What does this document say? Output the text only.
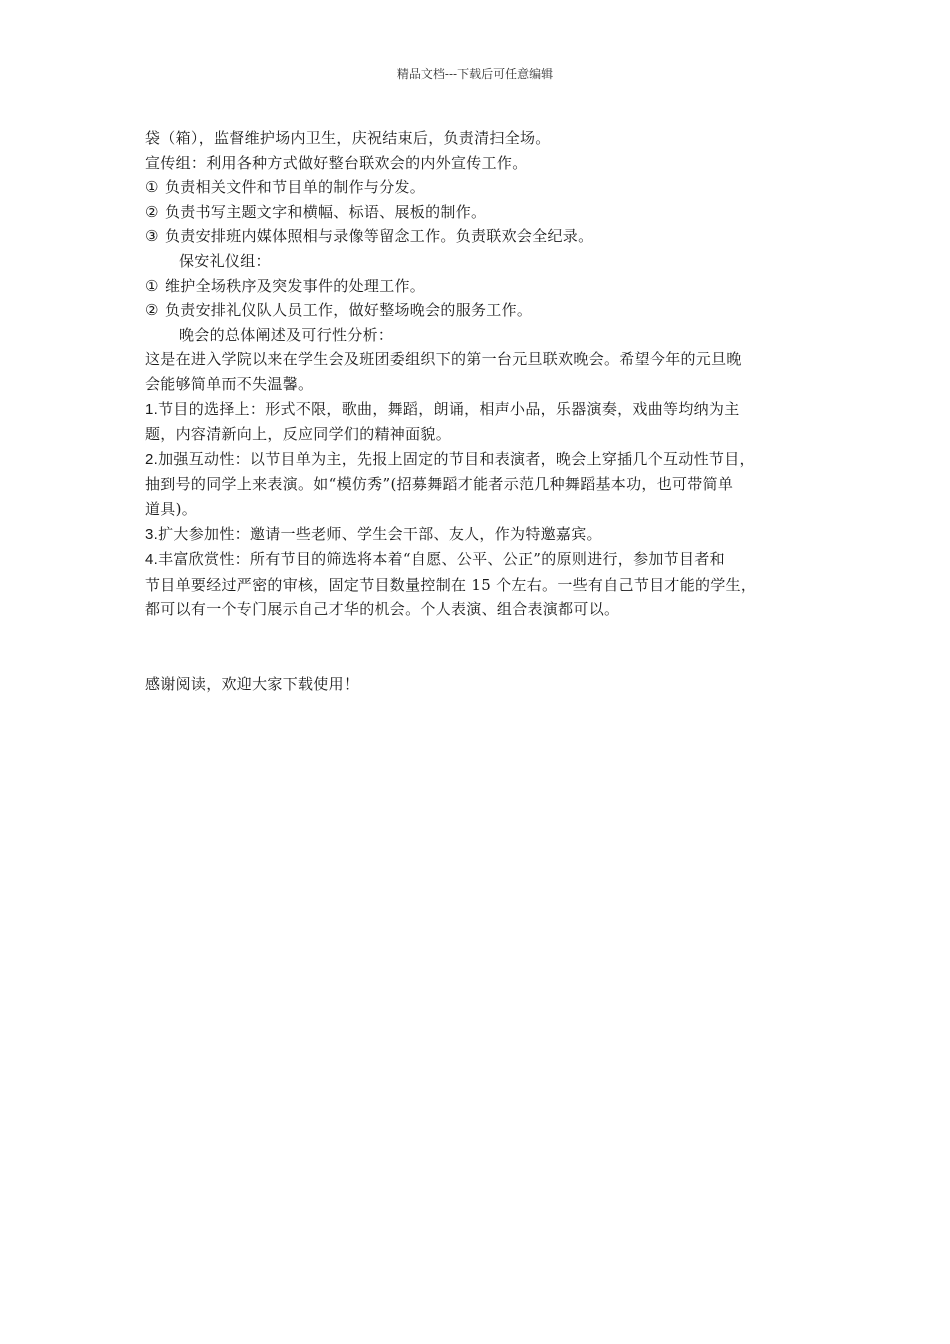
精品文档---下载后可任意编辑
袋（箱），监督维护场内卫生，庆祝结束后，负责清扫全场。
宣传组：利用各种方式做好整台联欢会的内外宣传工作。
① 负责相关文件和节目单的制作与分发。
② 负责书写主题文字和横幅、标语、展板的制作。
③ 负责安排班内媒体照相与录像等留念工作。负责联欢会全纪录。
保安礼仪组：
① 维护全场秩序及突发事件的处理工作。
② 负责安排礼仪队人员工作，做好整场晚会的服务工作。
晚会的总体阐述及可行性分析：
这是在进入学院以来在学生会及班团委组织下的第一台元旦联欢晚会。希望今年的元旦晚
会能够简单而不失温馨。
1.节目的选择上：形式不限，歌曲，舞蹈，朗诵，相声小品，乐器演奏，戏曲等均纳为主
题，内容清新向上，反应同学们的精神面貌。
2.加强互动性：以节目单为主，先报上固定的节目和表演者，晚会上穿插几个互动性节目，
抽到号的同学上来表演。如“模仿秀”(招募舞蹈才能者示范几种舞蹈基本功，也可带简单
道具)。
3.扩大参加性：邀请一些老师、学生会干部、友人，作为特邀嘉宾。
4.丰富欣赏性：所有节目的筛选将本着“自愿、公平、公正”的原则进行，参加节目者和
节目单要经过严密的审核，固定节目数量控制在 15 个左右。一些有自己节目才能的学生，
都可以有一个专门展示自己才华的机会。个人表演、组合表演都可以。
感谢阅读，欢迎大家下载使用！
